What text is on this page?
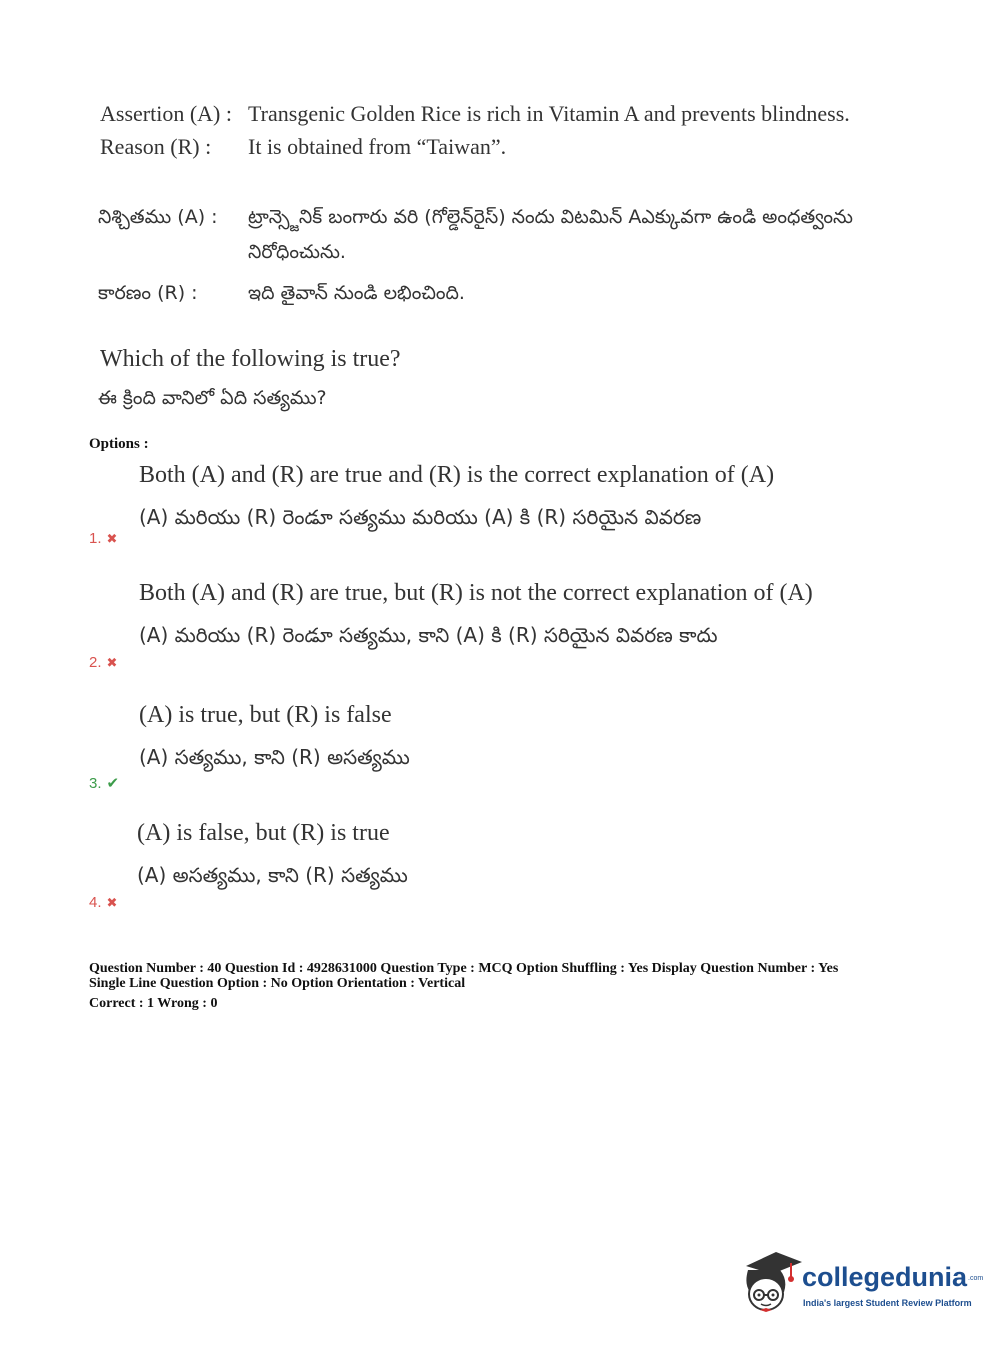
Assertion (A) : Transgenic Golden Rice is rich in Vitamin A and prevents blindness.
Reason (R) : It is obtained from “Taiwan”.
నిశ్చితము (A) : ట్రాన్స్జెనిక్ బంగారు వరి (గోల్డెన్‌రైస్) నందు విటమిన్ Aఎక్కువగా ఉండి అంధత్వంను
నిరోధించును.
కారణం (R) :	ఇది తైవాన్ నుండి లభించింది.
Which of the following is true?
ఈ క్రింది వానిలో ఏది సత్యము?
Options :
Both (A) and (R) are true and (R) is the correct explanation of (A)
(A) మరియు (R) రెండూ సత్యము మరియు (A) కి (R) సరియైన వివరణ
1. ✖
Both (A) and (R) are true, but (R) is not the correct explanation of (A)
(A) మరియు (R) రెండూ సత్యము, కాని (A) కి (R) సరియైన వివరణ కాదు
2. ✖
(A) is true, but (R) is false
(A) సత్యము, కాని (R) అసత్యము
3. ✔
(A) is false, but (R) is true
(A) అసత్యము, కాని (R) సత్యము
4. ✖
Question Number : 40 Question Id : 4928631000 Question Type : MCQ Option Shuffling : Yes Display Question Number : Yes
Single Line Question Option : No Option Orientation : Vertical
Correct : 1 Wrong : 0
collegedunia.com
India's largest Student Review Platform
